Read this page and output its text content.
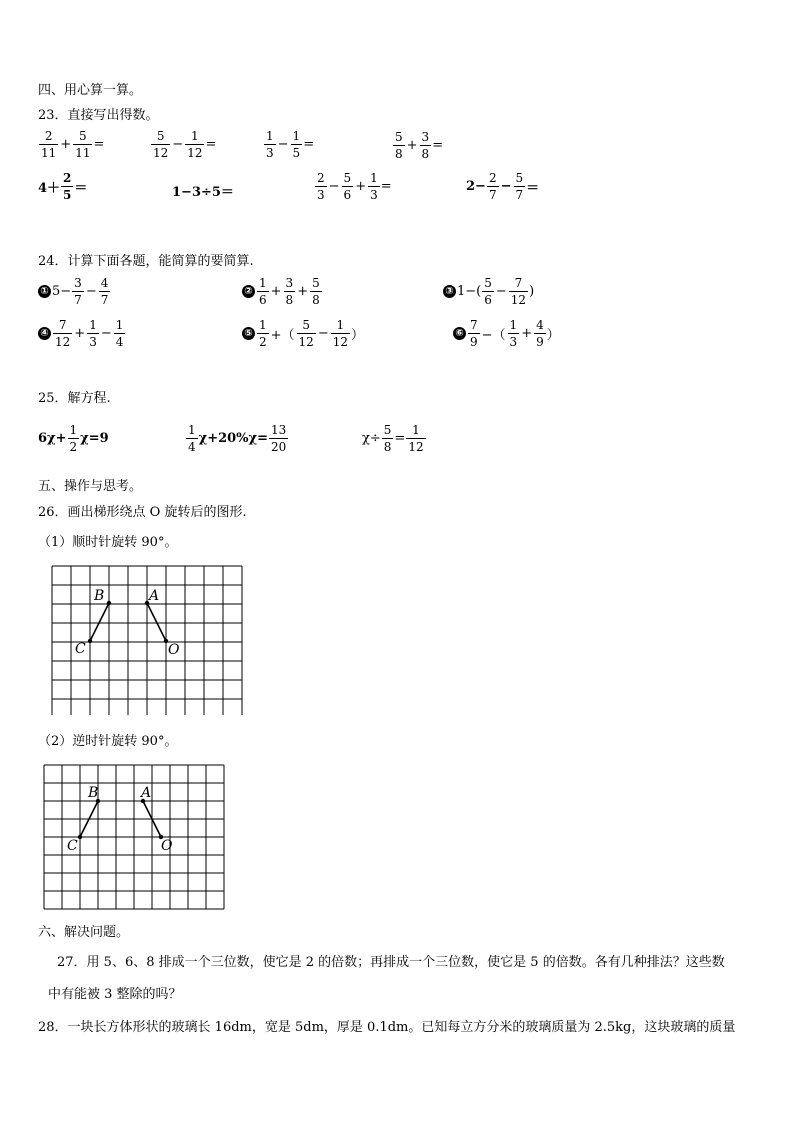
四、用心算一算。
23．直接写出得数。
$\frac{2}{11} + \frac{5}{11}$ =	$\frac{5}{12} - \frac{1}{12}$ =	$\frac{1}{3} - \frac{1}{5}$ =	$\frac{5}{8} + \frac{3}{8}$ =
$4+ \frac{2}{5}$ ＝	1−3÷5＝	$\frac{2}{3} - \frac{5}{6} + \frac{1}{3}$ =	$2- \frac{2}{7} - \frac{5}{7}$ ＝
24．计算下面各题，能简算的要简算.
① $5- \frac{3}{7} - \frac{4}{7}$	② $\frac{1}{6} + \frac{3}{8} + \frac{5}{8}$	③ $1-( \frac{5}{6} - \frac{7}{12}$ )
④ $\frac{7}{12} + \frac{1}{3} - \frac{1}{4}$	⑤ $\frac{1}{2}$ +（ $\frac{5}{12} - \frac{1}{12}$ ）	⑥ $\frac{7}{9}$ −（ $\frac{1}{3} + \frac{4}{9}$ ）
25．解方程.
$6\chi+ \frac{1}{2} \chi=9$	$\frac{1}{4} \chi+20\%\chi= \frac{13}{20}$	$\chi\div \frac{5}{8} = \frac{1}{12}$
五、操作与思考。
26．画出梯形绕点 O 旋转后的图形.
（1）顺时针旋转 90°。
B	A
C	O
（2）逆时针旋转 90°。
B	A
C	O
六、解决问题。
27．用 5、6、8 排成一个三位数，使它是 2 的倍数；再排成一个三位数，使它是 5 的倍数。各有几种排法？这些数
中有能被 3 整除的吗？
28．一块长方体形状的玻璃长 16dm，宽是 5dm，厚是 0.1dm。已知每立方分米的玻璃质量为 2.5kg，这块玻璃的质量
